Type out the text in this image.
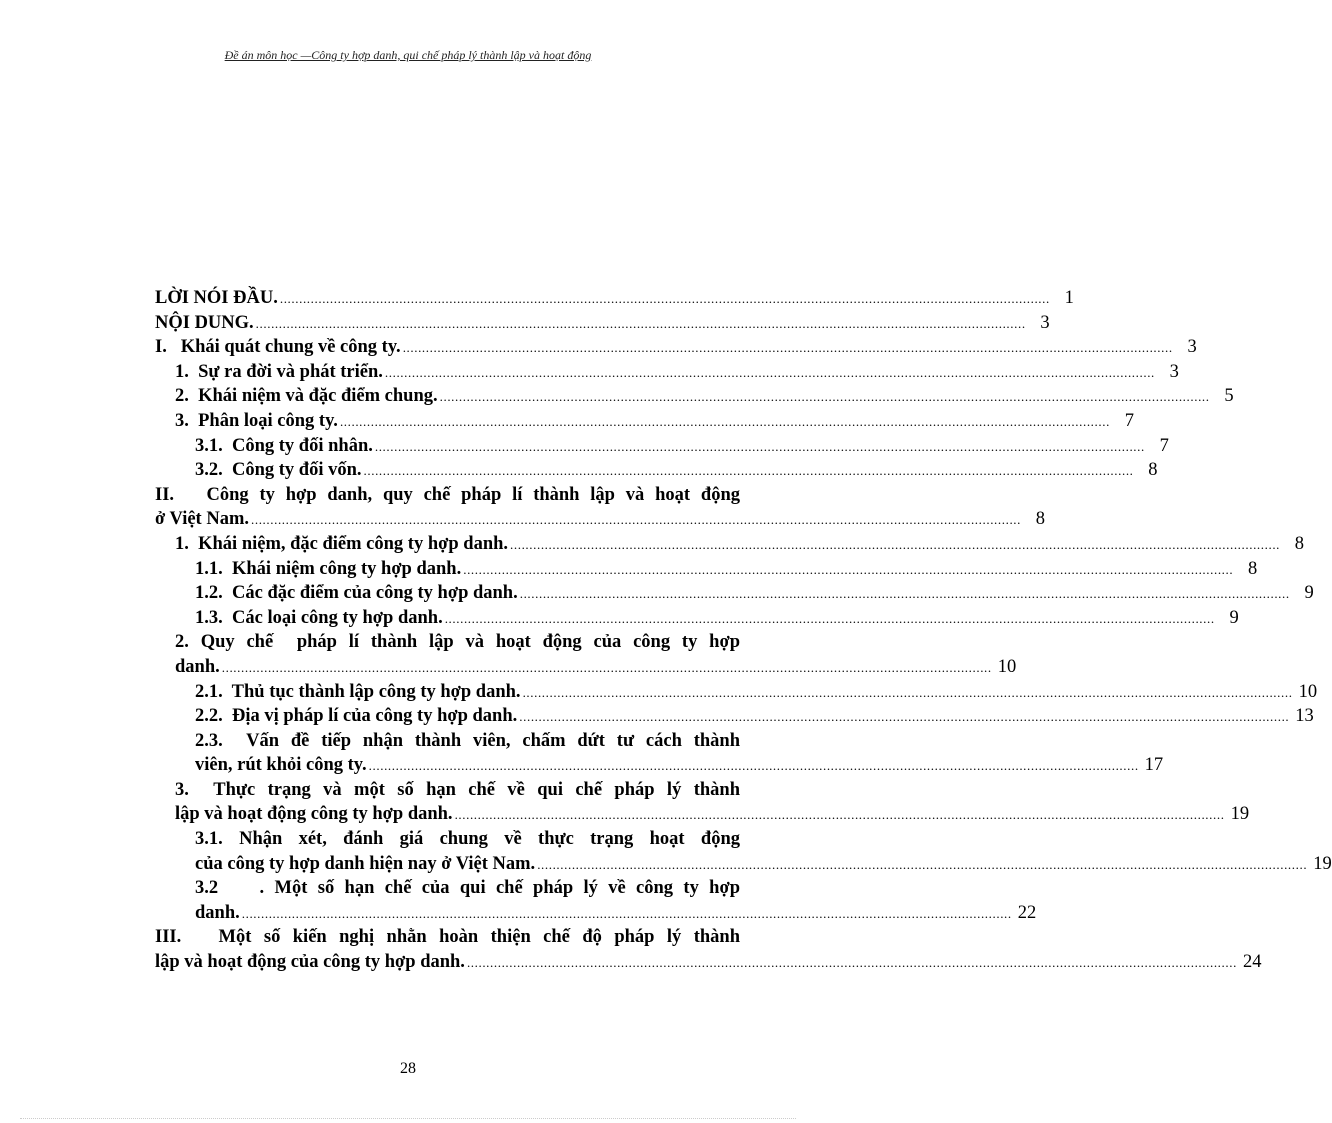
Đề án môn học —Công ty hợp danh, qui chế pháp lý thành lập và hoạt động
LỜI NÓI ĐẦU. ........................................................................................................................................................................................................ 1
NỘI DUNG. ........................................................................................................................................................................................................ 3
I.   Khái quát chung về công ty. ........................................................................................................................................................................................................ 3
1.  Sự ra đời và phát triển. ........................................................................................................................................................................................................ 3
2.  Khái niệm và đặc điểm chung. ........................................................................................................................................................................................................ 5
3.  Phân loại công ty. ........................................................................................................................................................................................................ 7
3.1.  Công ty đối nhân. ........................................................................................................................................................................................................ 7
3.2.  Công ty đối vốn. ........................................................................................................................................................................................................ 8
II.   Công ty hợp danh, quy chế pháp lí thành lập và hoạt động
ở Việt Nam. ........................................................................................................................................................................................................ 8
1.  Khái niệm, đặc điểm công ty hợp danh. ........................................................................................................................................................................................................ 8
1.1.  Khái niệm công ty hợp danh. ........................................................................................................................................................................................................ 8
1.2.  Các đặc điểm của công ty hợp danh. ........................................................................................................................................................................................................ 9
1.3.  Các loại công ty hợp danh. ........................................................................................................................................................................................................ 9
2. Quy chế  pháp lí thành lập và hoạt động của công ty hợp
danh. ........................................................................................................................................................................................................ 10
2.1.  Thủ tục thành lập công ty hợp danh. ........................................................................................................................................................................................................ 10
2.2.  Địa vị pháp lí của công ty hợp danh. ........................................................................................................................................................................................................ 13
2.3.  Vấn đề tiếp nhận thành viên, chấm dứt tư cách thành
viên, rút khỏi công ty. ........................................................................................................................................................................................................ 17
3.  Thực trạng và một số hạn chế về qui chế pháp lý thành
lập và hoạt động công ty hợp danh. ........................................................................................................................................................................................................ 19
3.1. Nhận xét, đánh giá chung về thực trạng hoạt động
của công ty hợp danh hiện nay ở Việt Nam. ........................................................................................................................................................................................................ 19
3.2    . Một số hạn chế của qui chế pháp lý về công ty hợp
danh. ........................................................................................................................................................................................................ 22
III.   Một số kiến nghị nhằn hoàn thiện chế độ pháp lý thành
lập và hoạt động của công ty hợp danh. ........................................................................................................................................................................................................ 24
28
